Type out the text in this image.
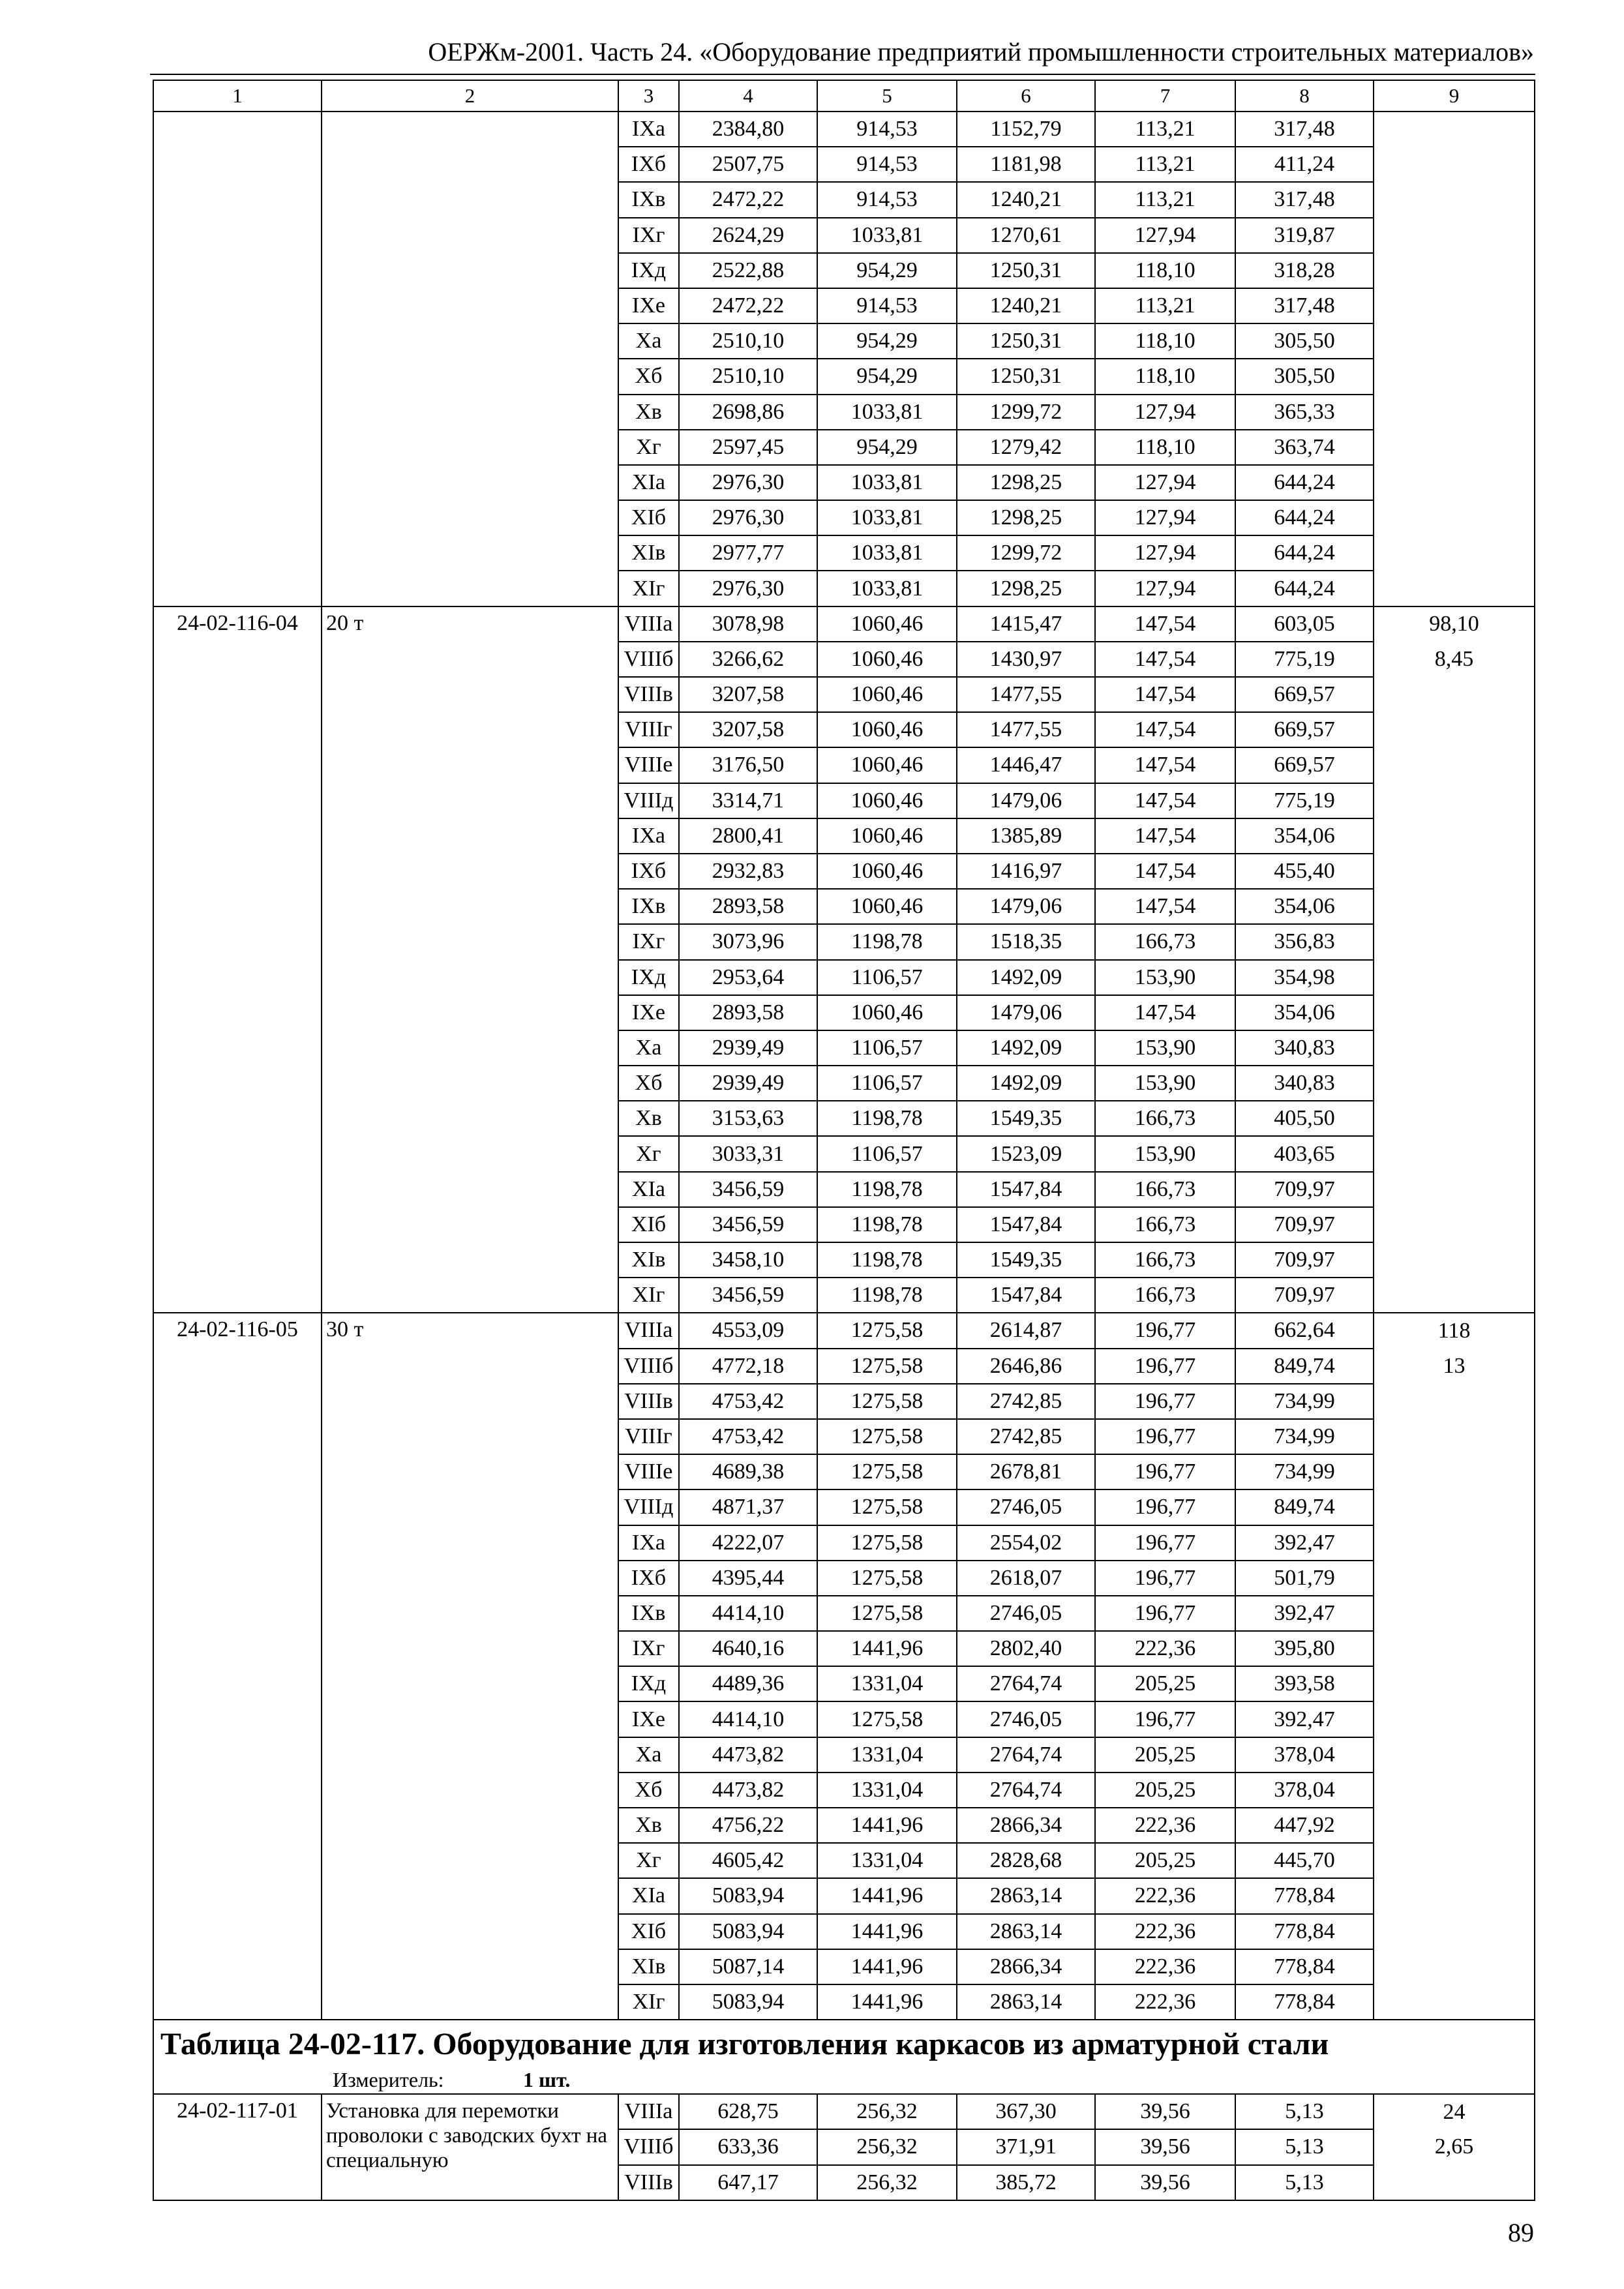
ОЕРЖм-2001. Часть 24. «Оборудование предприятий промышленности строительных материалов»
1	2	3	4	5	6	7	8	9
		IXа	2384,80	914,53	1152,79	113,21	317,48	
		IXб	2507,75	914,53	1181,98	113,21	411,24	
		IXв	2472,22	914,53	1240,21	113,21	317,48	
		IXг	2624,29	1033,81	1270,61	127,94	319,87	
		IXд	2522,88	954,29	1250,31	118,10	318,28	
		IXе	2472,22	914,53	1240,21	113,21	317,48	
		Xа	2510,10	954,29	1250,31	118,10	305,50	
		Xб	2510,10	954,29	1250,31	118,10	305,50	
		Xв	2698,86	1033,81	1299,72	127,94	365,33	
		Xг	2597,45	954,29	1279,42	118,10	363,74	
		XIа	2976,30	1033,81	1298,25	127,94	644,24	
		XIб	2976,30	1033,81	1298,25	127,94	644,24	
		XIв	2977,77	1033,81	1299,72	127,94	644,24	
		XIг	2976,30	1033,81	1298,25	127,94	644,24	
24-02-116-04	20 т	VIIIа	3078,98	1060,46	1415,47	147,54	603,05	98,10
		VIIIб	3266,62	1060,46	1430,97	147,54	775,19	8,45
		VIIIв	3207,58	1060,46	1477,55	147,54	669,57	
		VIIIг	3207,58	1060,46	1477,55	147,54	669,57	
		VIIIе	3176,50	1060,46	1446,47	147,54	669,57	
		VIIIд	3314,71	1060,46	1479,06	147,54	775,19	
		IXа	2800,41	1060,46	1385,89	147,54	354,06	
		IXб	2932,83	1060,46	1416,97	147,54	455,40	
		IXв	2893,58	1060,46	1479,06	147,54	354,06	
		IXг	3073,96	1198,78	1518,35	166,73	356,83	
		IXд	2953,64	1106,57	1492,09	153,90	354,98	
		IXе	2893,58	1060,46	1479,06	147,54	354,06	
		Xа	2939,49	1106,57	1492,09	153,90	340,83	
		Xб	2939,49	1106,57	1492,09	153,90	340,83	
		Xв	3153,63	1198,78	1549,35	166,73	405,50	
		Xг	3033,31	1106,57	1523,09	153,90	403,65	
		XIа	3456,59	1198,78	1547,84	166,73	709,97	
		XIб	3456,59	1198,78	1547,84	166,73	709,97	
		XIв	3458,10	1198,78	1549,35	166,73	709,97	
		XIг	3456,59	1198,78	1547,84	166,73	709,97	
24-02-116-05	30 т	VIIIа	4553,09	1275,58	2614,87	196,77	662,64	118
		VIIIб	4772,18	1275,58	2646,86	196,77	849,74	13
		VIIIв	4753,42	1275,58	2742,85	196,77	734,99	
		VIIIг	4753,42	1275,58	2742,85	196,77	734,99	
		VIIIе	4689,38	1275,58	2678,81	196,77	734,99	
		VIIIд	4871,37	1275,58	2746,05	196,77	849,74	
		IXа	4222,07	1275,58	2554,02	196,77	392,47	
		IXб	4395,44	1275,58	2618,07	196,77	501,79	
		IXв	4414,10	1275,58	2746,05	196,77	392,47	
		IXг	4640,16	1441,96	2802,40	222,36	395,80	
		IXд	4489,36	1331,04	2764,74	205,25	393,58	
		IXе	4414,10	1275,58	2746,05	196,77	392,47	
		Xа	4473,82	1331,04	2764,74	205,25	378,04	
		Xб	4473,82	1331,04	2764,74	205,25	378,04	
		Xв	4756,22	1441,96	2866,34	222,36	447,92	
		Xг	4605,42	1331,04	2828,68	205,25	445,70	
		XIа	5083,94	1441,96	2863,14	222,36	778,84	
		XIб	5083,94	1441,96	2863,14	222,36	778,84	
		XIв	5087,14	1441,96	2866,34	222,36	778,84	
		XIг	5083,94	1441,96	2863,14	222,36	778,84	

Таблица 24-02-117. Оборудование для изготовления каркасов из арматурной стали
Измеритель: 1 шт.								

24-02-117-01	Установка для перемотки проволоки с заводских бухт на специальную	VIIIа	628,75	256,32	367,30	39,56	5,13	24
		VIIIб	633,36	256,32	371,91	39,56	5,13	2,65
		VIIIв	647,17	256,32	385,72	39,56	5,13	
89
